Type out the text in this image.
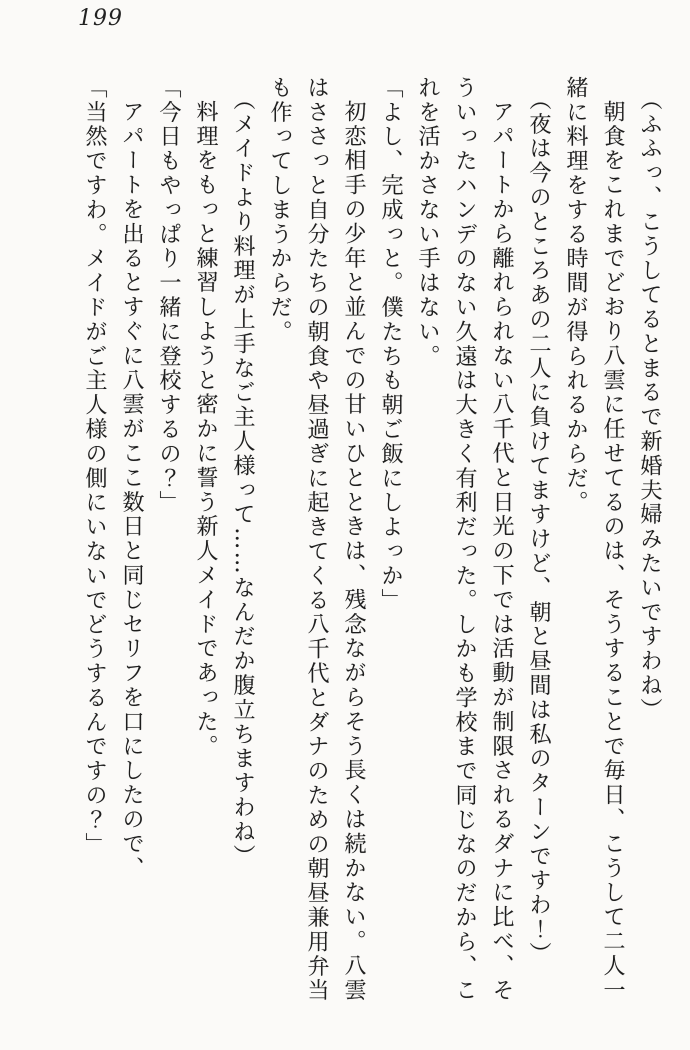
199

（ふふっ、こうしてるとまるで新婚夫婦みたいですわね）

朝食をこれまでどおり八雲に任せてるのは、そうすることで毎日、こうして二人一緒に料理をする時間が得られるからだ。

（夜は今のところあの二人に負けてますけど、朝と昼間は私のターンですわ！）

アパートから離れられない八千代と日光の下では活動が制限されるダナに比べ、そういったハンデのない久遠は大きく有利だった。しかも学校まで同じなのだから、これを活かさない手はない。

「よし、完成っと。僕たちも朝ご飯にしよっか」

初恋相手の少年と並んでの甘いひとときは、残念ながらそう長くは続かない。八雲はささっと自分たちの朝食や昼過ぎに起きてくる八千代とダナのための朝昼兼用弁当も作ってしまうからだ。

（メイドより料理が上手なご主人様って……なんだか腹立ちますわね）

料理をもっと練習しようと密かに誓う新人メイドであった。

「今日もやっぱり一緒に登校するの？」

アパートを出るとすぐに八雲がここ数日と同じセリフを口にしたので、

「当然ですわ。メイドがご主人様の側にいないでどうするんですの？」
